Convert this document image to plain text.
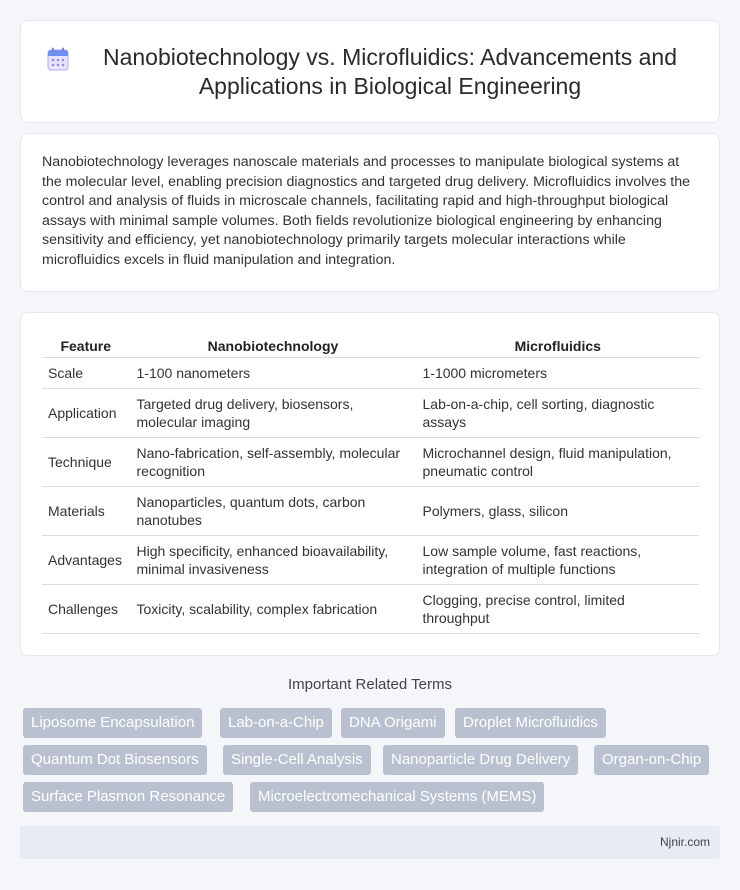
Nanobiotechnology vs. Microfluidics: Advancements and Applications in Biological Engineering

Nanobiotechnology leverages nanoscale materials and processes to manipulate biological systems at the molecular level, enabling precision diagnostics and targeted drug delivery. Microfluidics involves the control and analysis of fluids in microscale channels, facilitating rapid and high-throughput biological assays with minimal sample volumes. Both fields revolutionize biological engineering by enhancing sensitivity and efficiency, yet nanobiotechnology primarily targets molecular interactions while microfluidics excels in fluid manipulation and integration.

Feature	Nanobiotechnology	Microfluidics
Scale	1-100 nanometers	1-1000 micrometers
Application	Targeted drug delivery, biosensors, molecular imaging	Lab-on-a-chip, cell sorting, diagnostic assays
Technique	Nano-fabrication, self-assembly, molecular recognition	Microchannel design, fluid manipulation, pneumatic control
Materials	Nanoparticles, quantum dots, carbon nanotubes	Polymers, glass, silicon
Advantages	High specificity, enhanced bioavailability, minimal invasiveness	Low sample volume, fast reactions, integration of multiple functions
Challenges	Toxicity, scalability, complex fabrication	Clogging, precise control, limited throughput
Important Related Terms
Liposome Encapsulation	Lab-on-a-Chip	DNA Origami	Droplet Microfluidics
Quantum Dot Biosensors	Single-Cell Analysis	Nanoparticle Drug Delivery	Organ-on-Chip
Surface Plasmon Resonance	Microelectromechanical Systems (MEMS)
Njnir.com
